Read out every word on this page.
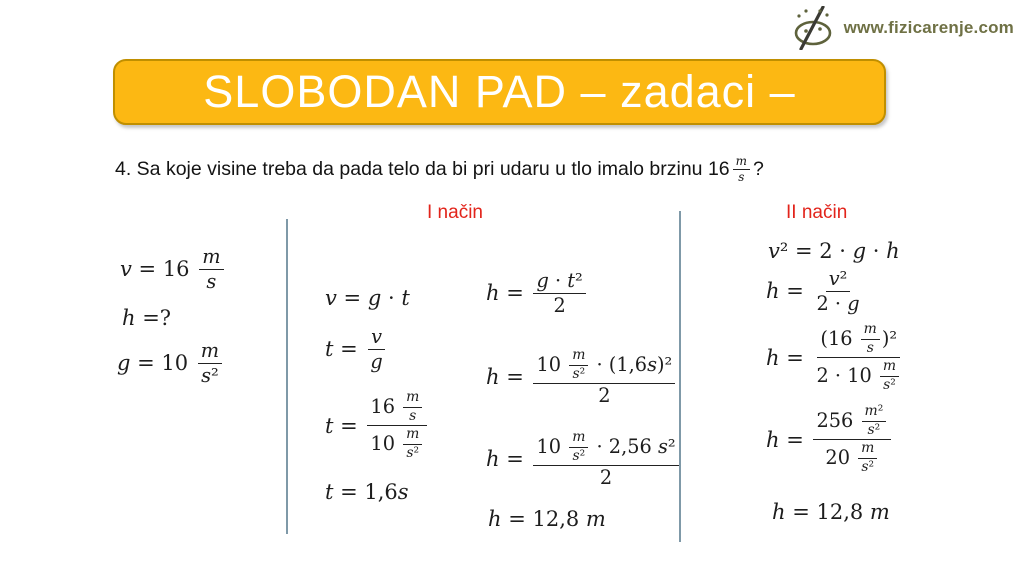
www.fizicarenje.com
SLOBODAN PAD – zadaci –
4. Sa koje visine treba da pada telo da bi pri udaru u tlo imalo brzinu $16 \frac{m}{s}$ ?
I način	II način
$v = 16 \frac{m}{s}$
h =?
$g = 10 \frac{m}{\text{s ²}}$
v = g · t
$t = \frac{v}{g}$
$t = \frac{16 \frac{m}{s}}{10 \frac{m}{\text{s ²}}}$
t = 1,6 s
$h = \frac{\text{g · t ²}}{2}$
$h = \frac{10 \frac{m}{\text{s ²}} \cdot (1,6 s )^2}{2}$
$h = \frac{10 \frac{m}{\text{s ²}} \cdot 2,56 s ^2}{2}$
h = 12,8 m
v ² = 2 · g · h
$h = \frac{\text{v ²}}{2 \cdot g}$
$h = \frac{(16 \frac{m}{s} )^2}{2 \cdot 10 \frac{m}{\text{s ²}}}$
$h = \frac{256 \frac{\text{m ²}}{\text{s ²}}}{20 \frac{m}{\text{s ²}}}$
h = 12,8 m
